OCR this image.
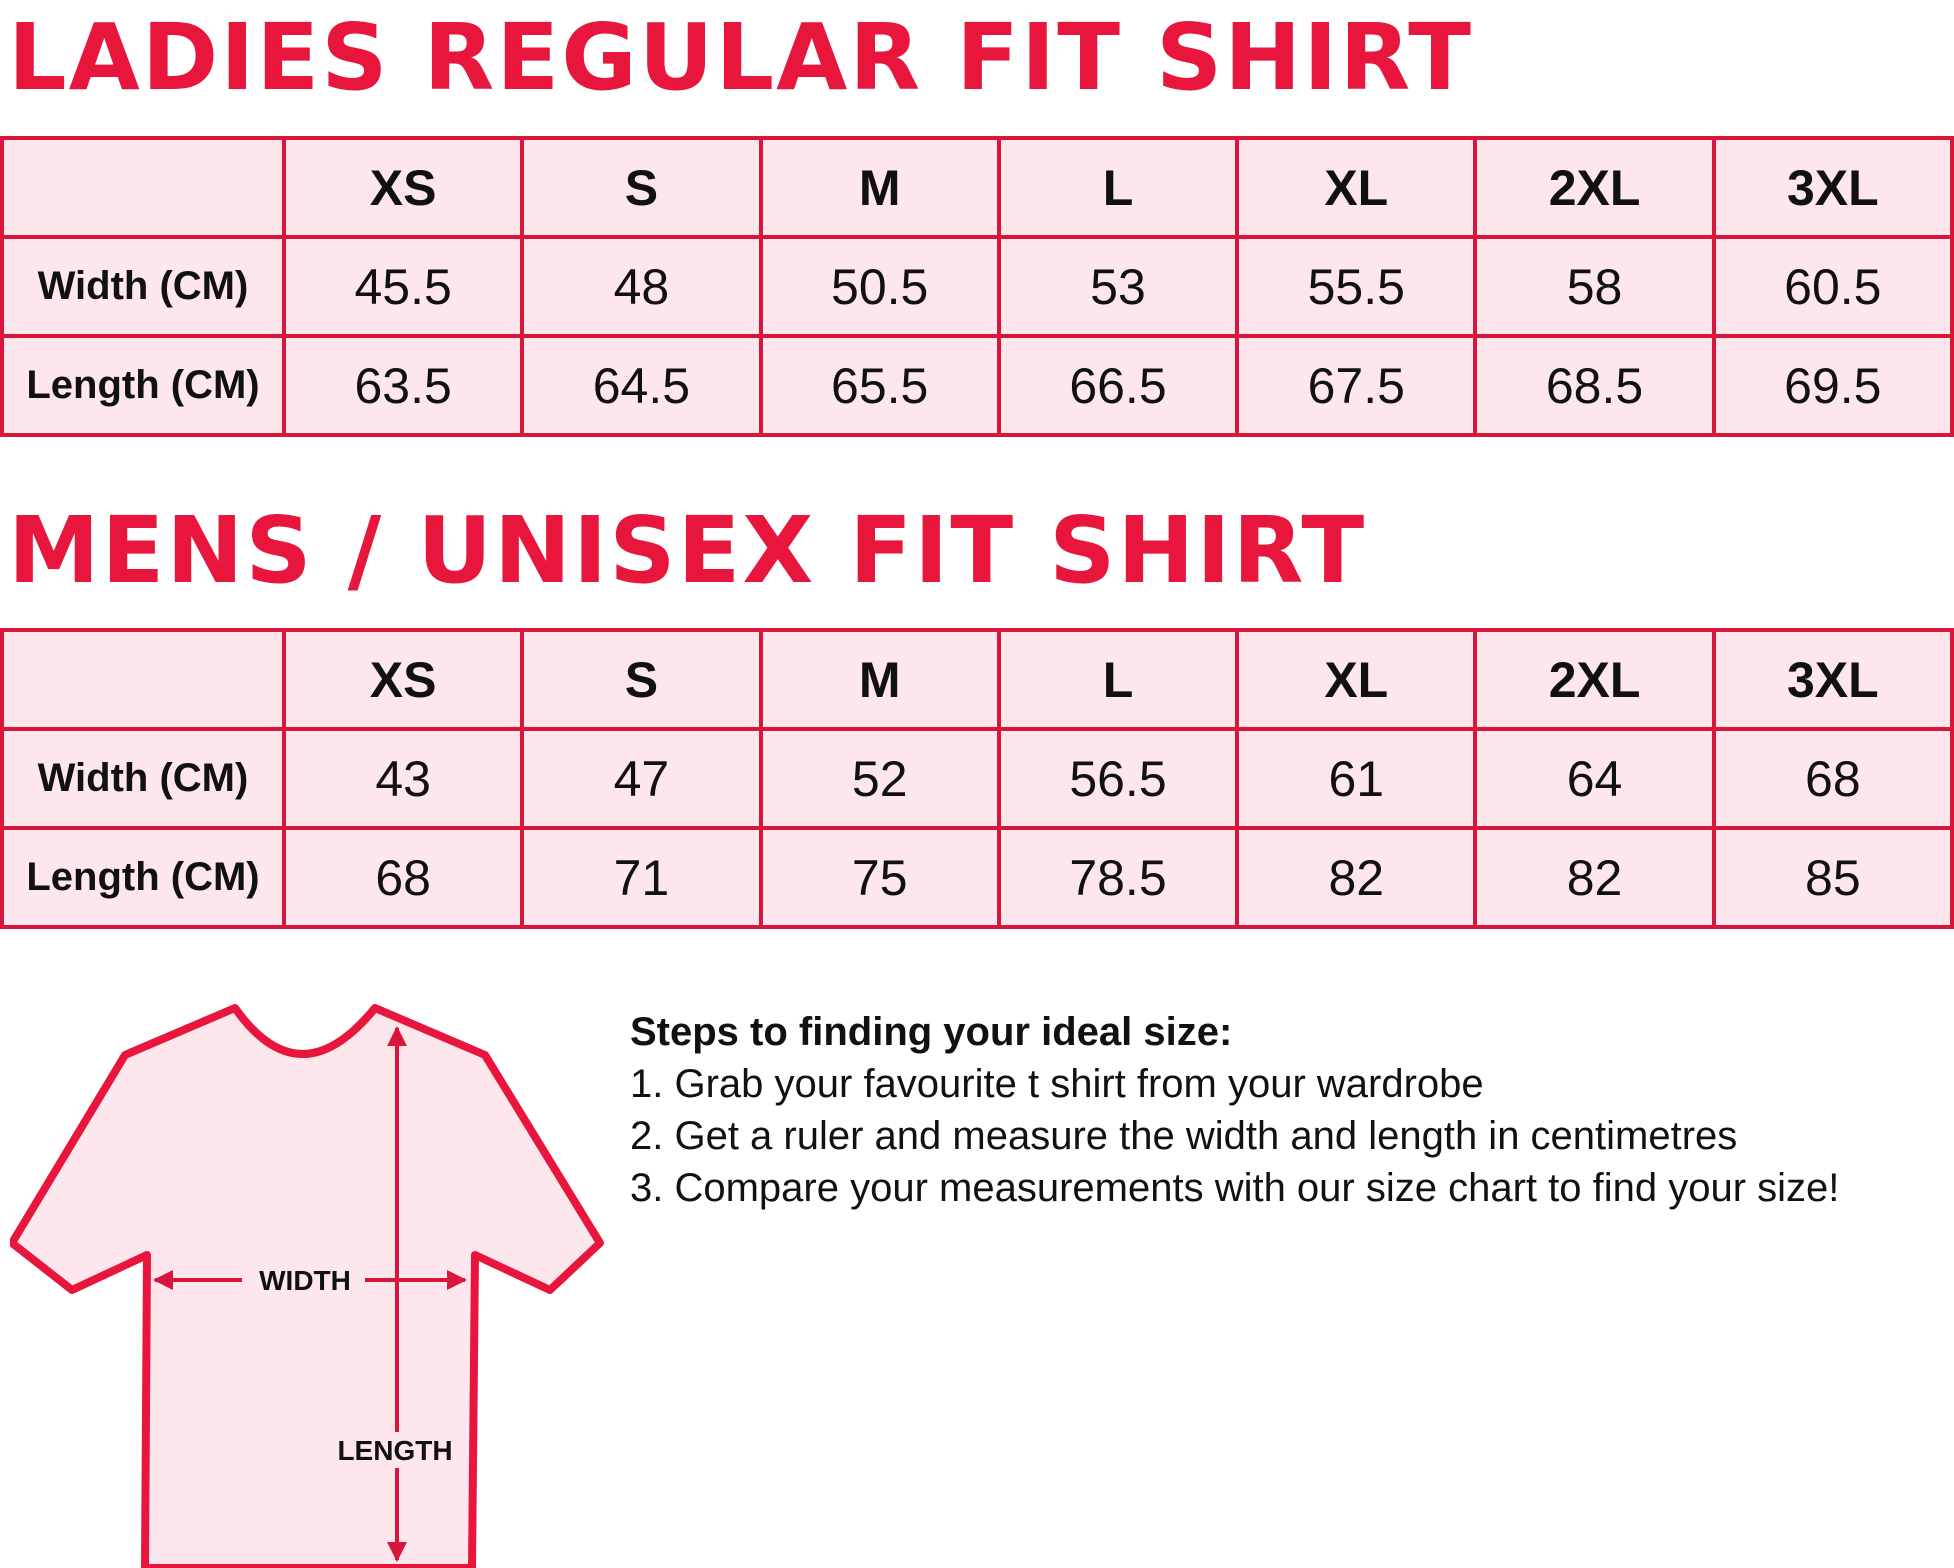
LADIES REGULAR FIT SHIRT
	XS	S	M	L	XL	2XL	3XL
Width (CM)	45.5	48	50.5	53	55.5	58	60.5
Length (CM)	63.5	64.5	65.5	66.5	67.5	68.5	69.5
MENS / UNISEX FIT SHIRT
	XS	S	M	L	XL	2XL	3XL
Width (CM)	43	47	52	56.5	61	64	68
Length (CM)	68	71	75	78.5	82	82	85
WIDTH
LENGTH
Steps to finding your ideal size:
1. Grab your favourite t shirt from your wardrobe
2. Get a ruler and measure the width and length in centimetres
3. Compare your measurements with our size chart to find your size!
